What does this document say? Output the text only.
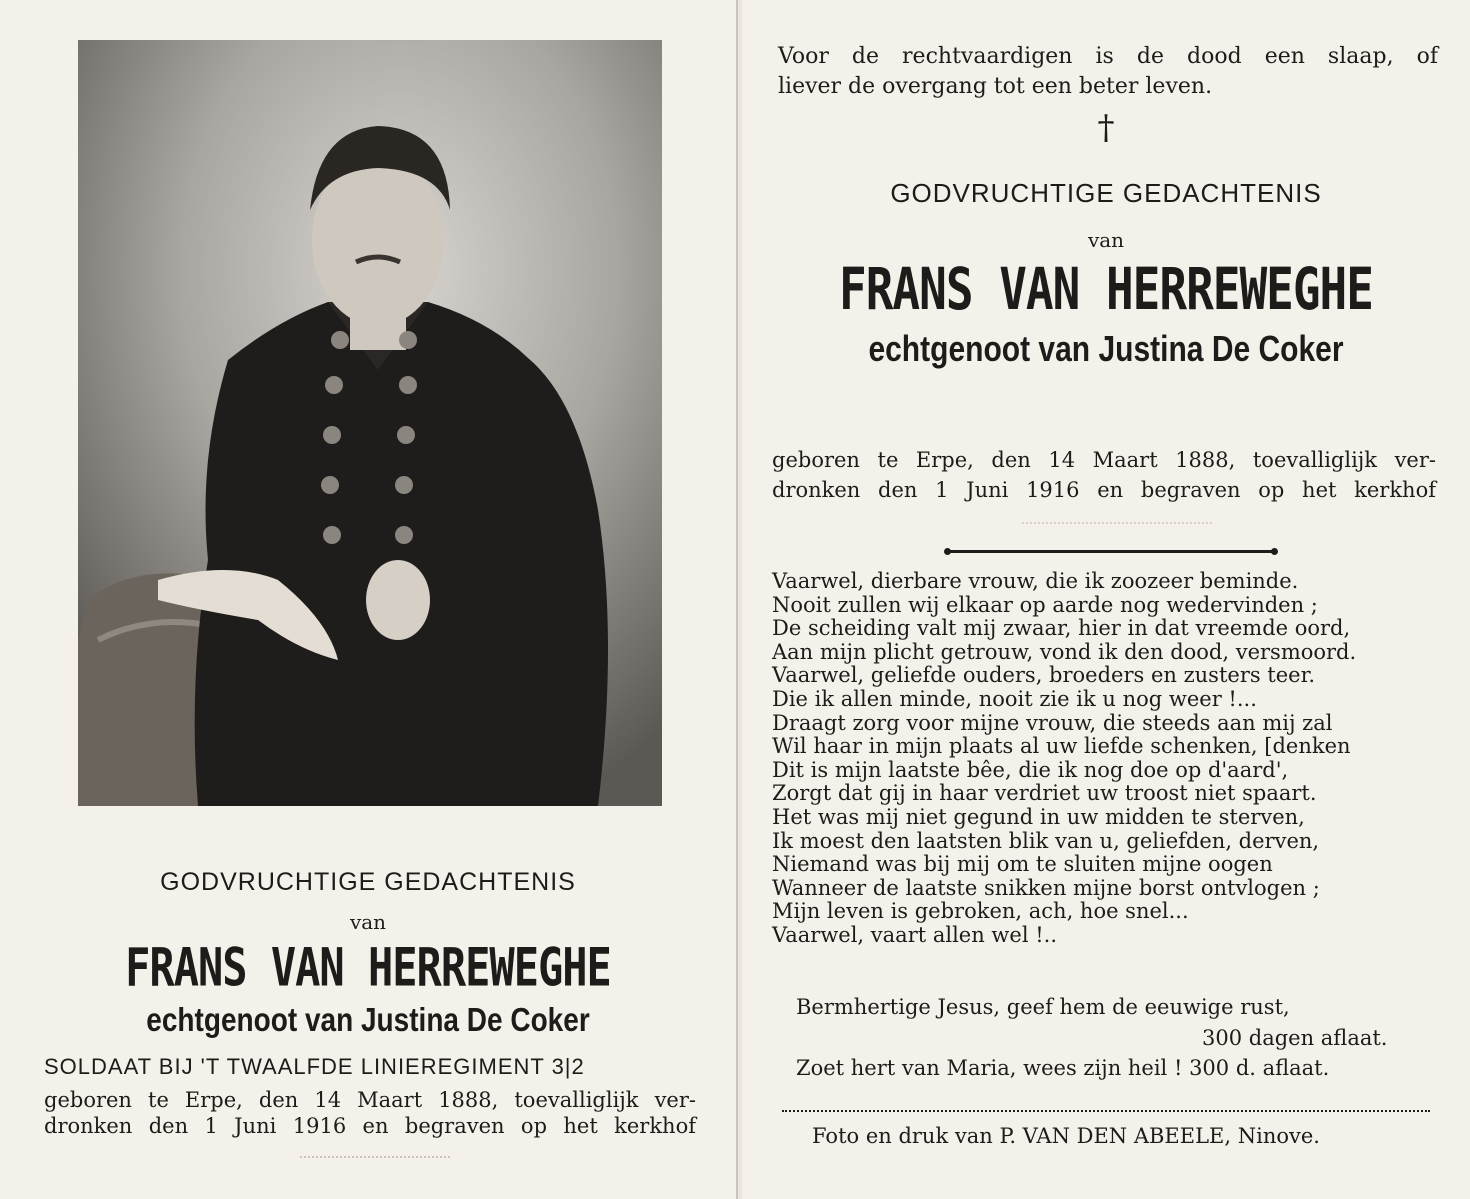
GODVRUCHTIGE GEDACHTENIS
van
FRANS VAN HERREWEGHE
echtgenoot van Justina De Coker
SOLDAAT BIJ 'T TWAALFDE LINIEREGIMENT 3|2
geboren te Erpe, den 14 Maart 1888, toevalliglijk ver-
dronken den 1 Juni 1916 en begraven op het kerkhof
Voor de rechtvaardigen is de dood een slaap, of
liever de overgang tot een beter leven.
†
GODVRUCHTIGE GEDACHTENIS
van
FRANS VAN HERREWEGHE
echtgenoot van Justina De Coker
geboren te Erpe, den 14 Maart 1888, toevalliglijk ver-
dronken den 1 Juni 1916 en begraven op het kerkhof
Vaarwel, dierbare vrouw, die ik zoozeer beminde.
Nooit zullen wij elkaar op aarde nog wedervinden ;
De scheiding valt mij zwaar, hier in dat vreemde oord,
Aan mijn plicht getrouw, vond ik den dood, versmoord.
Vaarwel, geliefde ouders, broeders en zusters teer.
Die ik allen minde, nooit zie ik u nog weer !...
Draagt zorg voor mijne vrouw, die steeds aan mij zal
Wil haar in mijn plaats al uw liefde schenken, [denken
Dit is mijn laatste bêe, die ik nog doe op d'aard',
Zorgt dat gij in haar verdriet uw troost niet spaart.
Het was mij niet gegund in uw midden te sterven,
Ik moest den laatsten blik van u, geliefden, derven,
Niemand was bij mij om te sluiten mijne oogen
Wanneer de laatste snikken mijne borst ontvlogen ;
Mijn leven is gebroken, ach, hoe snel...
Vaarwel, vaart allen wel !..
Bermhertige Jesus, geef hem de eeuwige rust,
300 dagen aflaat.
Zoet hert van Maria, wees zijn heil ! 300 d. aflaat.
Foto en druk van P. VAN DEN ABEELE, Ninove.
